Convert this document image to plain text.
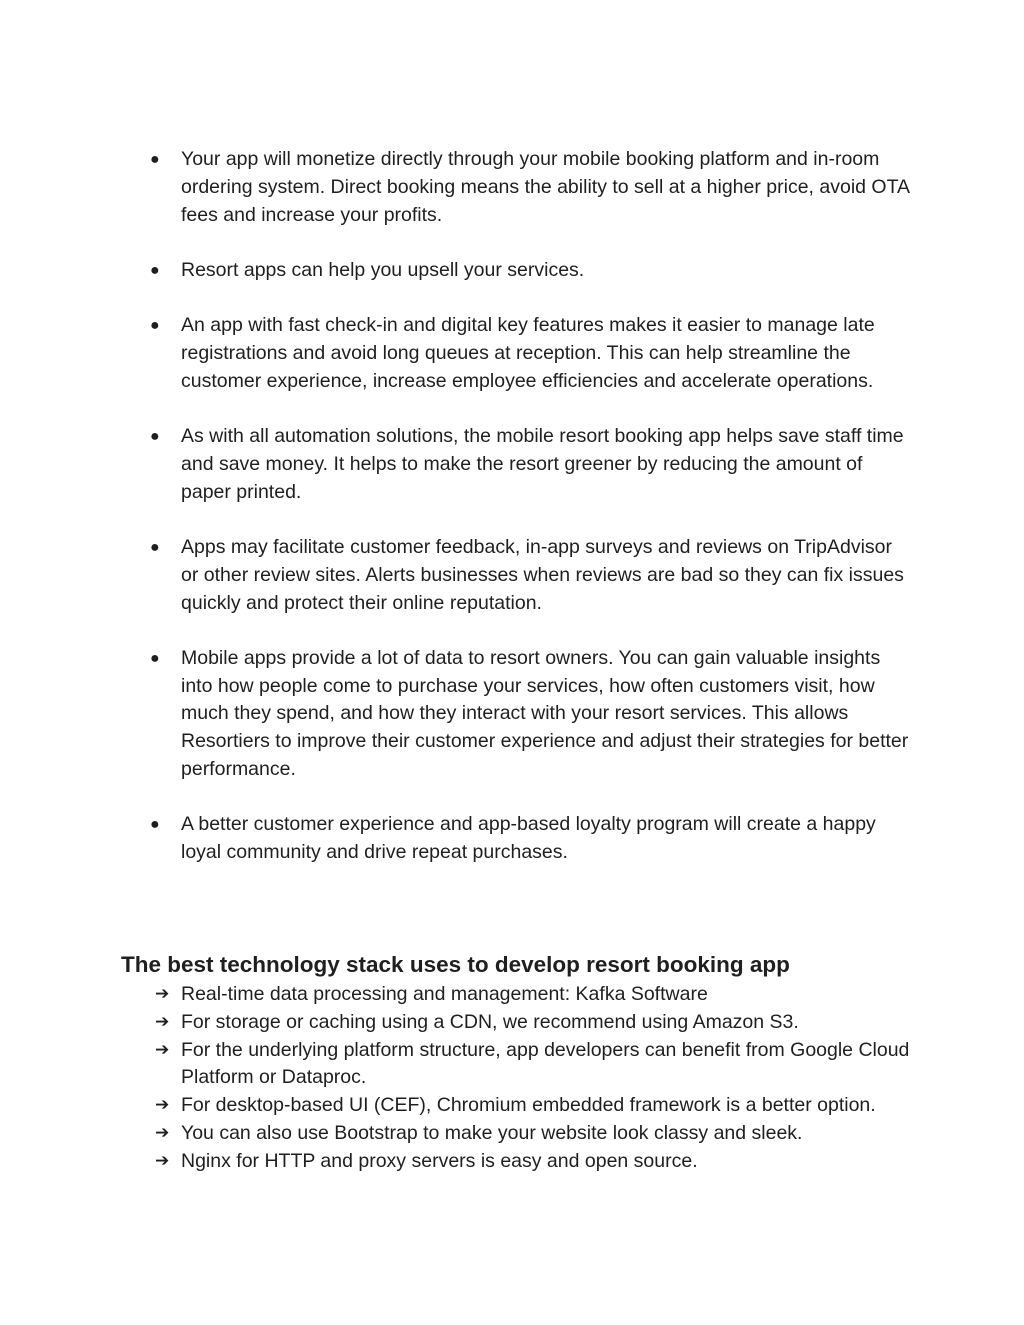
● Your app will monetize directly through your mobile booking platform and in-room ordering system. Direct booking means the ability to sell at a higher price, avoid OTA fees and increase your profits.
● Resort apps can help you upsell your services.
● An app with fast check-in and digital key features makes it easier to manage late registrations and avoid long queues at reception. This can help streamline the customer experience, increase employee efficiencies and accelerate operations.
● As with all automation solutions, the mobile resort booking app helps save staff time and save money. It helps to make the resort greener by reducing the amount of paper printed.
● Apps may facilitate customer feedback, in-app surveys and reviews on TripAdvisor or other review sites. Alerts businesses when reviews are bad so they can fix issues quickly and protect their online reputation.
● Mobile apps provide a lot of data to resort owners. You can gain valuable insights into how people come to purchase your services, how often customers visit, how much they spend, and how they interact with your resort services. This allows Resortiers to improve their customer experience and adjust their strategies for better performance.
● A better customer experience and app-based loyalty program will create a happy loyal community and drive repeat purchases.
The best technology stack uses to develop resort booking app
➔ Real-time data processing and management: Kafka Software
➔ For storage or caching using a CDN, we recommend using Amazon S3.
➔ For the underlying platform structure, app developers can benefit from Google Cloud Platform or Dataproc.
➔ For desktop-based UI (CEF), Chromium embedded framework is a better option.
➔ You can also use Bootstrap to make your website look classy and sleek.
➔ Nginx for HTTP and proxy servers is easy and open source.
